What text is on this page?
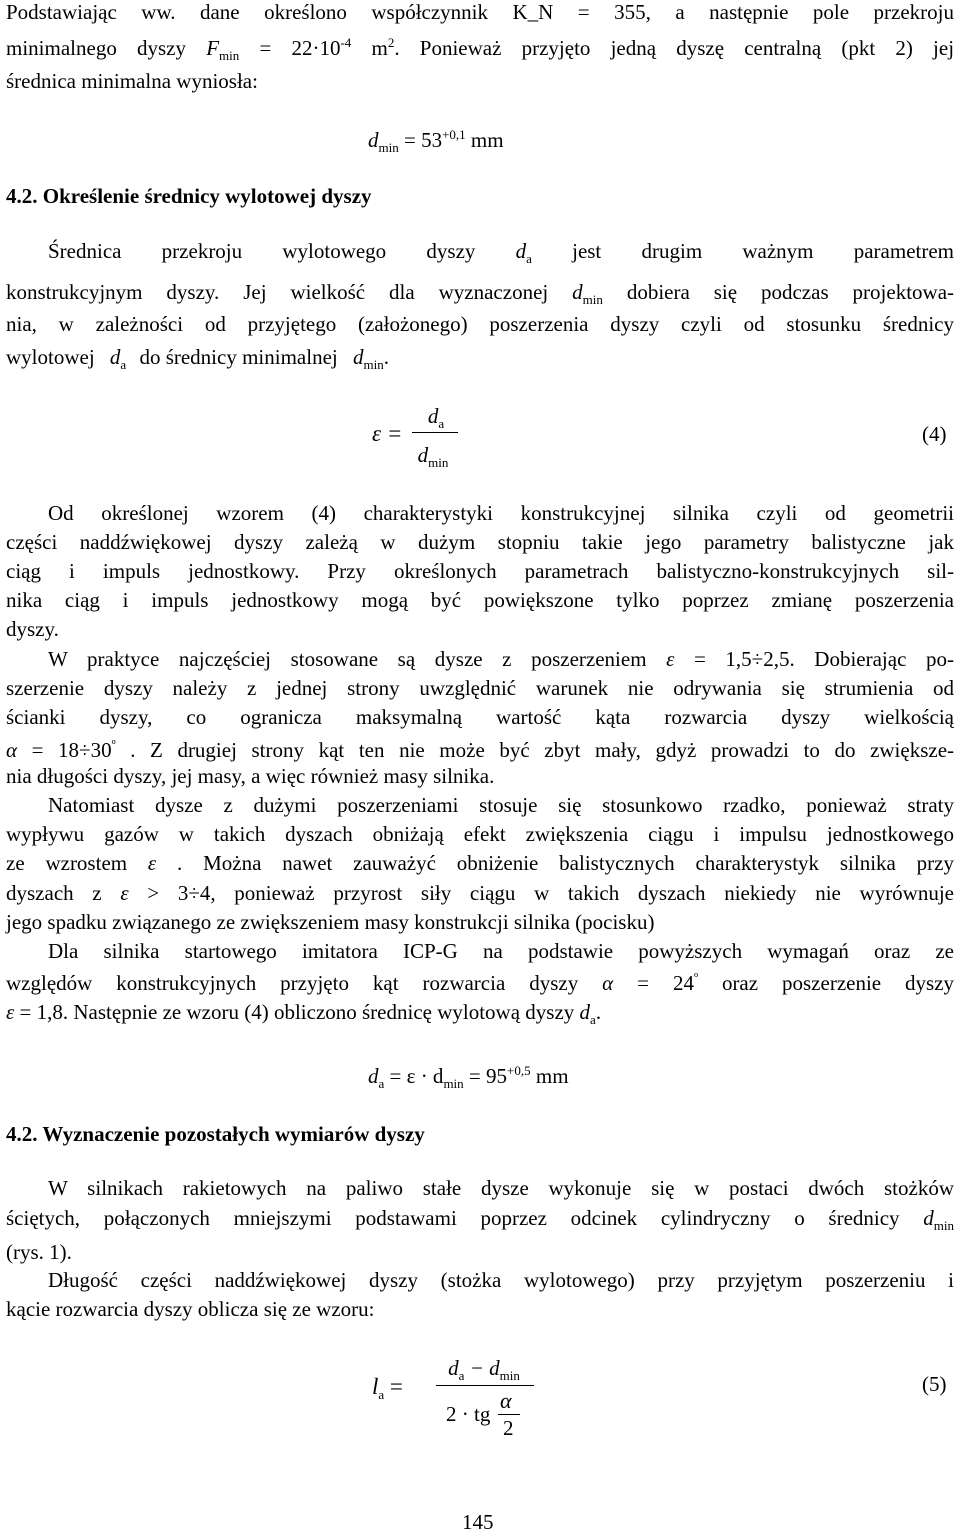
Podstawiając ww. dane określono współczynnik K_N = 355, a następnie pole przekroju
minimalnego dyszy $F_{min} = 22\cdot 10^{-4}$ $m^2$. Ponieważ przyjęto jedną dyszę centralną (pkt 2) jej
średnica minimalna wyniosła:
$d_{min} = 53^{+0,1}$ mm
4.2. Określenie średnicy wylotowej dyszy
Średnica przekroju wylotowego dyszy $d_a$ jest drugim ważnym parametrem
konstrukcyjnym dyszy. Jej wielkość dla wyznaczonej $d_{min}$ dobiera się podczas projektowa-
nia, w zależności od przyjętego (założonego) poszerzenia dyszy czyli od stosunku średnicy
wylotowej $d_a$ do średnicy minimalnej $d_{min}$.
ε =
$d_a$
$d_{min}$
(4)
Od określonej wzorem (4) charakterystyki konstrukcyjnej silnika czyli od geometrii
części naddźwiękowej dyszy zależą w dużym stopniu takie jego parametry balistyczne jak
ciąg i impuls jednostkowy. Przy określonych parametrach balistyczno-konstrukcyjnych sil-
nika ciąg i impuls jednostkowy mogą być powiększone tylko poprzez zmianę poszerzenia
dyszy.
W praktyce najczęściej stosowane są dysze z poszerzeniem ε = 1,5÷2,5. Dobierając po-
szerzenie dyszy należy z jednej strony uwzględnić warunek nie odrywania się strumienia od
ścianki dyszy, co ogranicza maksymalną wartość kąta rozwarcia dyszy wielkością
$\alpha = 18\div 30^º$ . Z drugiej strony kąt ten nie może być zbyt mały, gdyż prowadzi to do zwiększe-
nia długości dyszy, jej masy, a więc również masy silnika.
Natomiast dysze z dużymi poszerzeniami stosuje się stosunkowo rzadko, ponieważ straty
wypływu gazów w takich dyszach obniżają efekt zwiększenia ciągu i impulsu jednostkowego
ze wzrostem ε . Można nawet zauważyć obniżenie balistycznych charakterystyk silnika przy
dyszach z ε > 3÷4, ponieważ przyrost siły ciągu w takich dyszach niekiedy nie wyrównuje
jego spadku związanego ze zwiększeniem masy konstrukcji silnika (pocisku)
Dla silnika startowego imitatora ICP-G na podstawie powyższych wymagań oraz ze
względów konstrukcyjnych przyjęto kąt rozwarcia dyszy $\alpha = 24^º$ oraz poszerzenie dyszy
ε = 1,8. Następnie ze wzoru (4) obliczono średnicę wylotową dyszy $d_a$.
$d_a = \varepsilon \cdot d_{min} = 95^{+0,5}$ mm
4.2. Wyznaczenie pozostałych wymiarów dyszy
W silnikach rakietowych na paliwo stałe dysze wykonuje się w postaci dwóch stożków
ściętych, połączonych mniejszymi podstawami poprzez odcinek cylindryczny o średnicy $d_{min}$
(rys. 1).
Długość części naddźwiękowej dyszy (stożka wylotowego) przy przyjętym poszerzeniu i
kącie rozwarcia dyszy oblicza się ze wzoru:
$l_a$ =
$d_a - d_{min}$
2 · tg
α
2
(5)
145
